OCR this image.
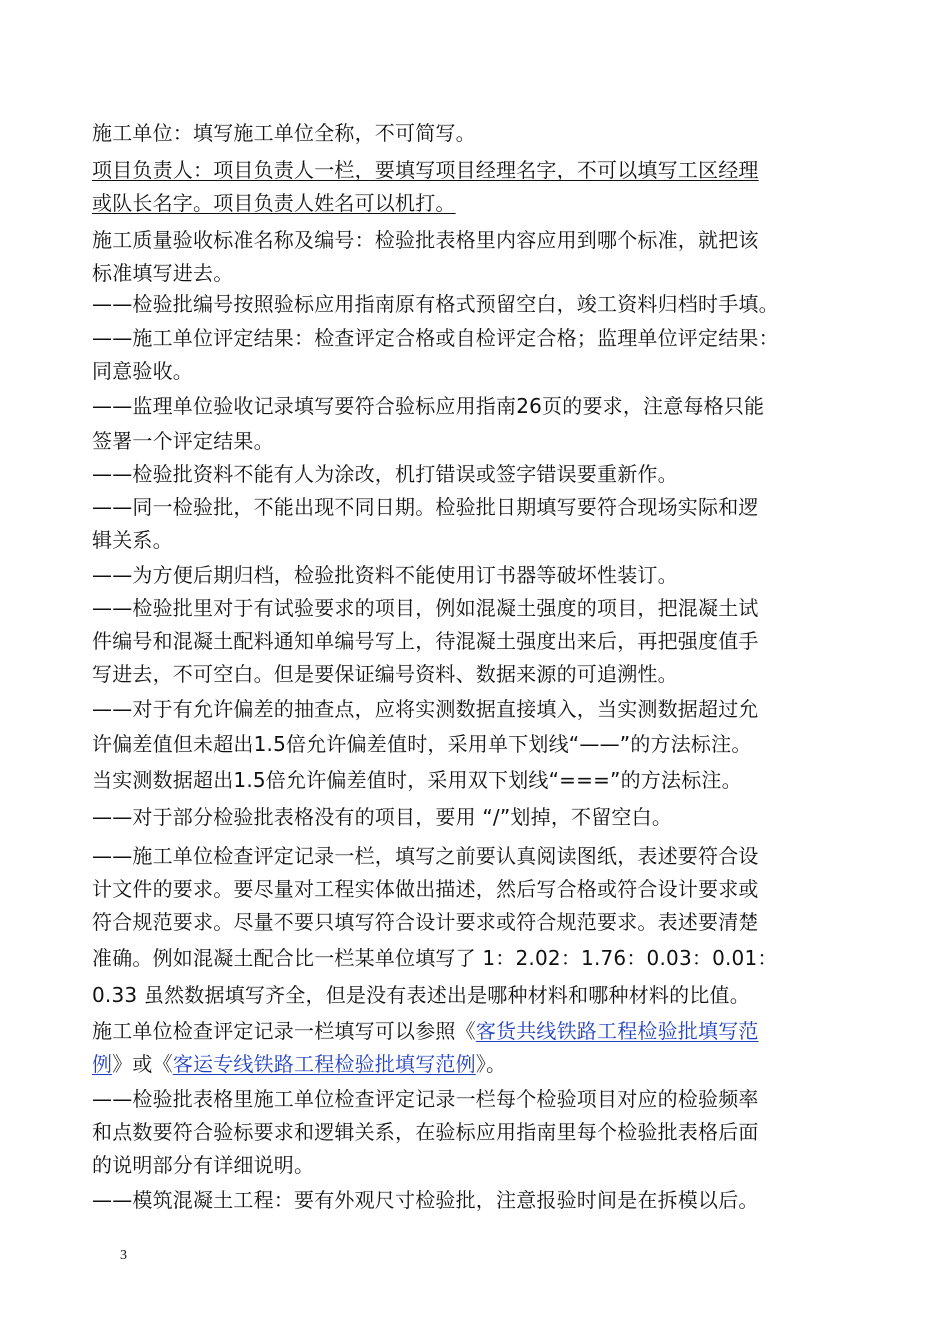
施工单位：填写施工单位全称，不可简写。
项目负责人：项目负责人一栏，要填写项目经理名字，不可以填写工区经理
或队长名字。项目负责人姓名可以机打。
施工质量验收标准名称及编号：检验批表格里内容应用到哪个标准，就把该
标准填写进去。
——检验批编号按照验标应用指南原有格式预留空白，竣工资料归档时手填。
——施工单位评定结果：检查评定合格或自检评定合格；监理单位评定结果：
同意验收。
——监理单位验收记录填写要符合验标应用指南26页的要求，注意每格只能
签署一个评定结果。
——检验批资料不能有人为涂改，机打错误或签字错误要重新作。
——同一检验批，不能出现不同日期。检验批日期填写要符合现场实际和逻
辑关系。
——为方便后期归档，检验批资料不能使用订书器等破坏性装订。
——检验批里对于有试验要求的项目，例如混凝土强度的项目，把混凝土试
件编号和混凝土配料通知单编号写上，待混凝土强度出来后，再把强度值手
写进去，不可空白。但是要保证编号资料、数据来源的可追溯性。
——对于有允许偏差的抽查点，应将实测数据直接填入，当实测数据超过允
许偏差值但未超出1.5倍允许偏差值时，采用单下划线“——”的方法标注。
当实测数据超出1.5倍允许偏差值时，采用双下划线“===”的方法标注。
——对于部分检验批表格没有的项目，要用 “/”划掉，不留空白。
——施工单位检查评定记录一栏，填写之前要认真阅读图纸，表述要符合设
计文件的要求。要尽量对工程实体做出描述，然后写合格或符合设计要求或
符合规范要求。尽量不要只填写符合设计要求或符合规范要求。表述要清楚
准确。例如混凝土配合比一栏某单位填写了 1：2.02：1.76：0.03：0.01：
0.33 虽然数据填写齐全，但是没有表述出是哪种材料和哪种材料的比值。
施工单位检查评定记录一栏填写可以参照《客货共线铁路工程检验批填写范
例》或《客运专线铁路工程检验批填写范例》。
——检验批表格里施工单位检查评定记录一栏每个检验项目对应的检验频率
和点数要符合验标要求和逻辑关系，在验标应用指南里每个检验批表格后面
的说明部分有详细说明。
——模筑混凝土工程：要有外观尺寸检验批，注意报验时间是在拆模以后。
3
